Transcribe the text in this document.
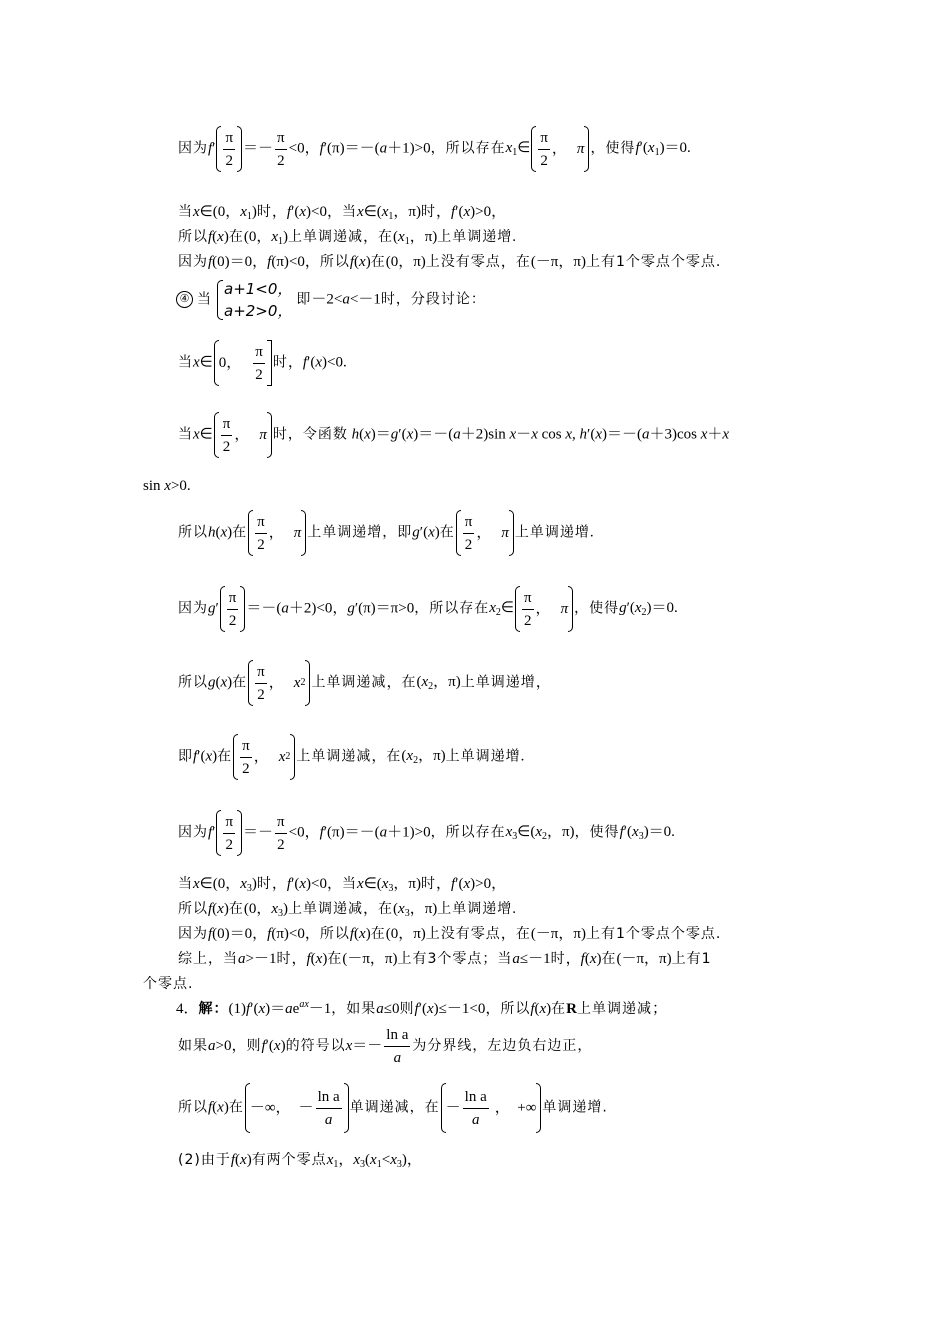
因为$f' \frac{\pi}{2} =- \frac{\pi}{2} <0$，f′(π)＝－(a＋1)>0，所以存在$x_1\in \frac{\pi}{2}$ ， π ，使得$f'(x_1)=0$.
当x∈(0，$x_1$)时，f′(x)<0，当$x\in(x_1$，π)时，f′(x)>0，
所以f(x)在(0，$x_1$)上单调递减，在($x_1$，π)上单调递增.
因为f(0)＝0，f(π)<0，所以f(x)在(0，π)上没有零点，在(－π，π)上有1个零点个零点.
④ 当
a+1<0，
a+2>0，
即－2<a<－1时，分段讨论：
当x∈ 0， $\frac{\pi}{2}$ 时，f′(x)<0.
当x∈ $\frac{\pi}{2}$ ， π 时，令函数 h(x)＝g′(x)＝－(a＋2)sin x－x cos x, h′(x)＝－(a＋3)cos x＋x
sin x>0.
所以h(x)在 $\frac{\pi}{2}$ ， π 上单调递增，即g′(x)在 $\frac{\pi}{2}$ ， π 上单调递增.
因为$g' \frac{\pi}{2} =-(a+2)<0$，g′(π)＝π>0，所以存在$x_2\in \frac{\pi}{2}$ ， π ，使得$g'(x_2)=0$.
所以g(x)在 $\frac{\pi}{2}$ ， x 2 上单调递减，在($x_2$，π)上单调递增，
即f′(x)在 $\frac{\pi}{2}$ ， x 2 上单调递减，在($x_2$，π)上单调递增.
因为$f' \frac{\pi}{2} =- \frac{\pi}{2} <0$，f′(π)＝－(a＋1)>0，所以存在$x_3\in(x_2$，π)，使得$f'(x_3)=0$.
当x∈(0，$x_3$)时，f′(x)<0，当$x\in(x_3$，π)时，f′(x)>0，
所以f(x)在(0，$x_3$)上单调递减，在($x_3$，π)上单调递增.
因为f(0)＝0，f(π)<0，所以f(x)在(0，π)上没有零点，在(－π，π)上有1个零点个零点.
综上，当a>－1时，f(x)在(－π，π)上有3个零点；当a≤－1时，f(x)在(－π，π)上有1
个零点.
4．解：$(1)f'(x)=ae^{ax}-1$，如果a≤0则f′(x)≤－1<0，所以f(x)在R上单调递减；
如果a>0，则f′(x)的符号以$x=- \frac{\text{ln a}}{a}$ 为分界线，左边负右边正，
所以f(x)在 －∞， － $\frac{\text{ln a}}{a}$ 单调递减，在 － $\frac{\text{ln a}}{a}$ ，　+∞ 单调递增.
(2)由于f(x)有两个零点$x_1$，$x_3(x_1<x_3)$，
